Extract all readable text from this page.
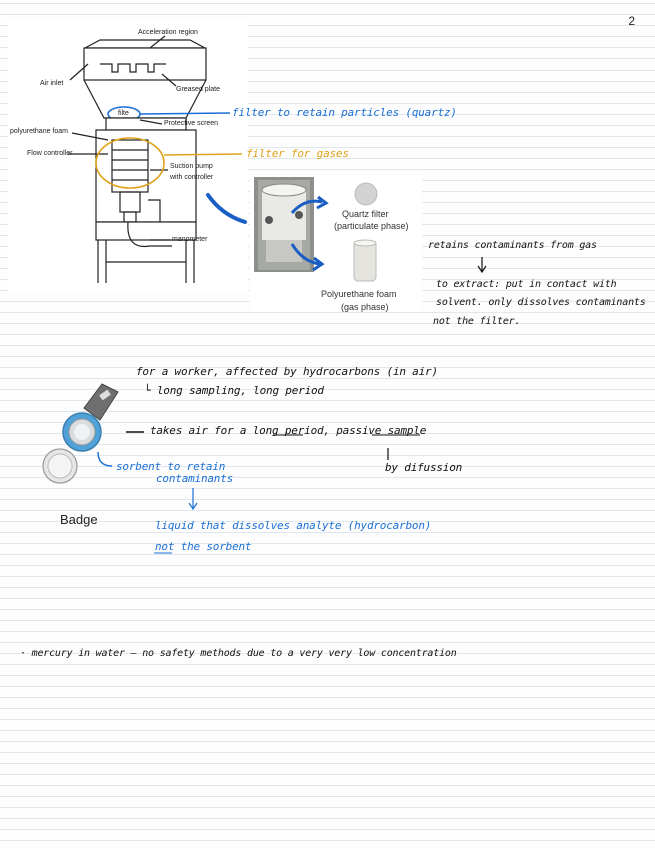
2
Acceleration region
Air inlet
Greased plate
filte
Protective screen
polyurethane foam
Flow controller
Suction pump
with controller
manometer
Quartz filter
(particulate phase)
Polyurethane foam
(gas phase)
filter to retain particles (quartz)
filter for gases
retains contaminants from gas
to extract: put in contact with
solvent. only dissolves contaminants
not the filter.
for a worker, affected by hydrocarbons (in air)
└ long sampling, long period
takes air for a long period, passive sample
by difussion
sorbent to retain
contaminants
Badge	liquid that dissolves analyte (hydrocarbon)
not the sorbent
· mercury in water — no safety methods due to a very very low concentration
